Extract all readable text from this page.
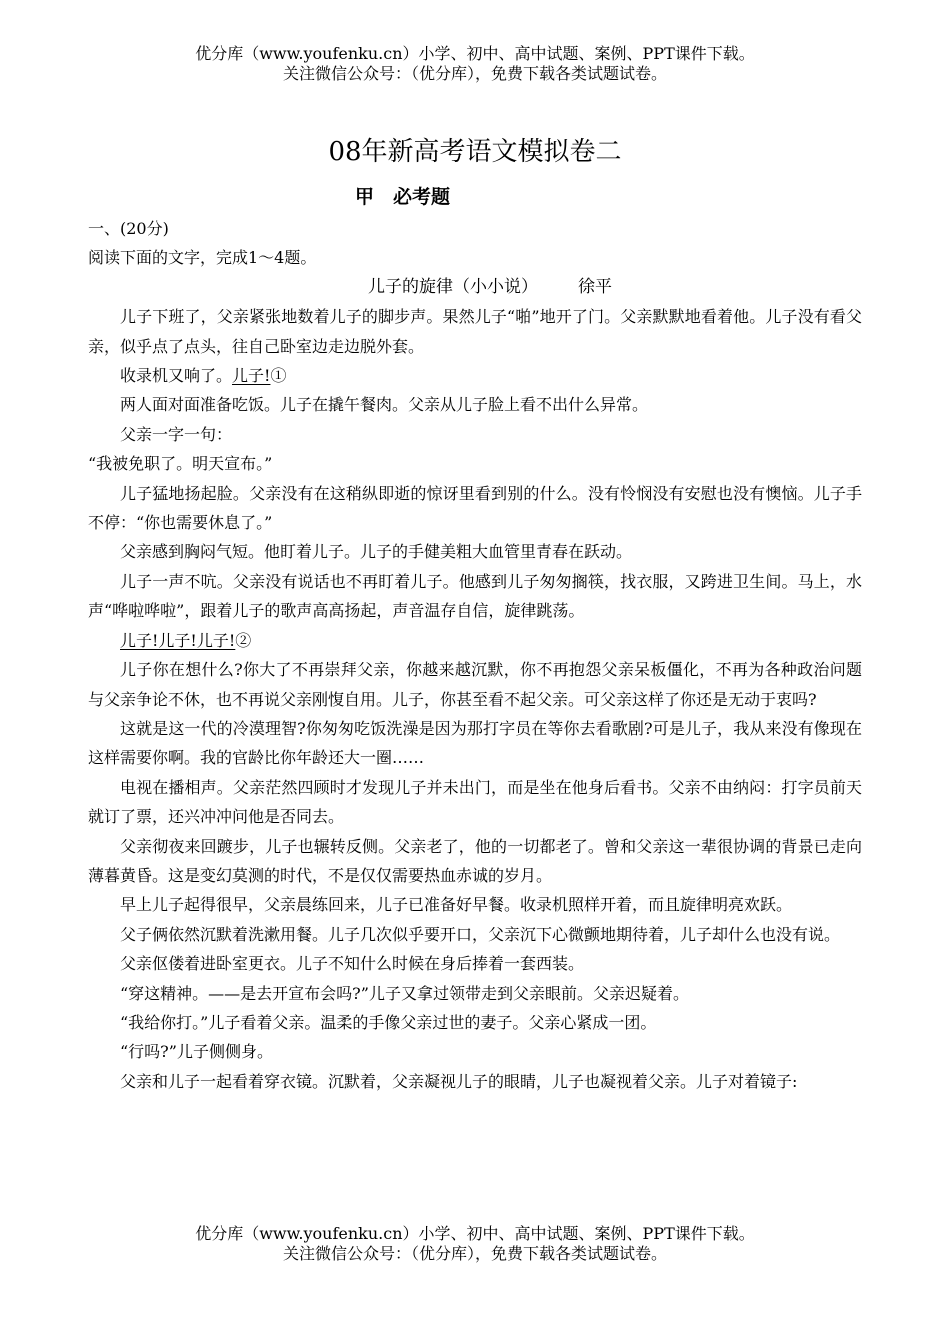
优分库（www.youfenku.cn）小学、初中、高中试题、案例、PPT课件下载。
关注微信公众号：（优分库），免费下载各类试题试卷。
08年新高考语文模拟卷二
甲　必考题

一、(20分)

阅读下面的文字，完成1～4题。

儿子的旋律（小小说） 徐平

儿子下班了，父亲紧张地数着儿子的脚步声。果然儿子“啪”地开了门。父亲默默地看着他。儿子没有看父亲，似乎点了点头，往自己卧室边走边脱外套。

收录机又响了。儿子!①

两人面对面准备吃饭。儿子在撬午餐肉。父亲从儿子脸上看不出什么异常。

父亲一字一句：

“我被免职了。明天宣布。”

儿子猛地扬起脸。父亲没有在这稍纵即逝的惊讶里看到别的什么。没有怜悯没有安慰也没有懊恼。儿子手不停：“你也需要休息了。”

父亲感到胸闷气短。他盯着儿子。儿子的手健美粗大血管里青春在跃动。

儿子一声不吭。父亲没有说话也不再盯着儿子。他感到儿子匆匆搁筷，找衣服，又跨进卫生间。马上，水声“哗啦哗啦”，跟着儿子的歌声高高扬起，声音温存自信，旋律跳荡。

儿子!儿子!儿子!②

儿子你在想什么?你大了不再崇拜父亲，你越来越沉默，你不再抱怨父亲呆板僵化，不再为各种政治问题与父亲争论不休，也不再说父亲刚愎自用。儿子，你甚至看不起父亲。可父亲这样了你还是无动于衷吗?

这就是这一代的冷漠理智?你匆匆吃饭洗澡是因为那打字员在等你去看歌剧?可是儿子，我从来没有像现在这样需要你啊。我的官龄比你年龄还大一圈……

电视在播相声。父亲茫然四顾时才发现儿子并未出门，而是坐在他身后看书。父亲不由纳闷：打字员前天就订了票，还兴冲冲问他是否同去。

父亲彻夜来回踱步，儿子也辗转反侧。父亲老了，他的一切都老了。曾和父亲这一辈很协调的背景已走向薄暮黄昏。这是变幻莫测的时代，不是仅仅需要热血赤诚的岁月。

早上儿子起得很早，父亲晨练回来，儿子已准备好早餐。收录机照样开着，而且旋律明亮欢跃。

父子俩依然沉默着洗漱用餐。儿子几次似乎要开口，父亲沉下心微颤地期待着，儿子却什么也没有说。

父亲伛偻着进卧室更衣。儿子不知什么时候在身后捧着一套西装。

“穿这精神。——是去开宣布会吗?”儿子又拿过领带走到父亲眼前。父亲迟疑着。

“我给你打。”儿子看着父亲。温柔的手像父亲过世的妻子。父亲心紧成一团。

“行吗?”儿子侧侧身。

父亲和儿子一起看着穿衣镜。沉默着，父亲凝视儿子的眼睛，儿子也凝视着父亲。儿子对着镜子:

优分库（www.youfenku.cn）小学、初中、高中试题、案例、PPT课件下载。
关注微信公众号：（优分库），免费下载各类试题试卷。
